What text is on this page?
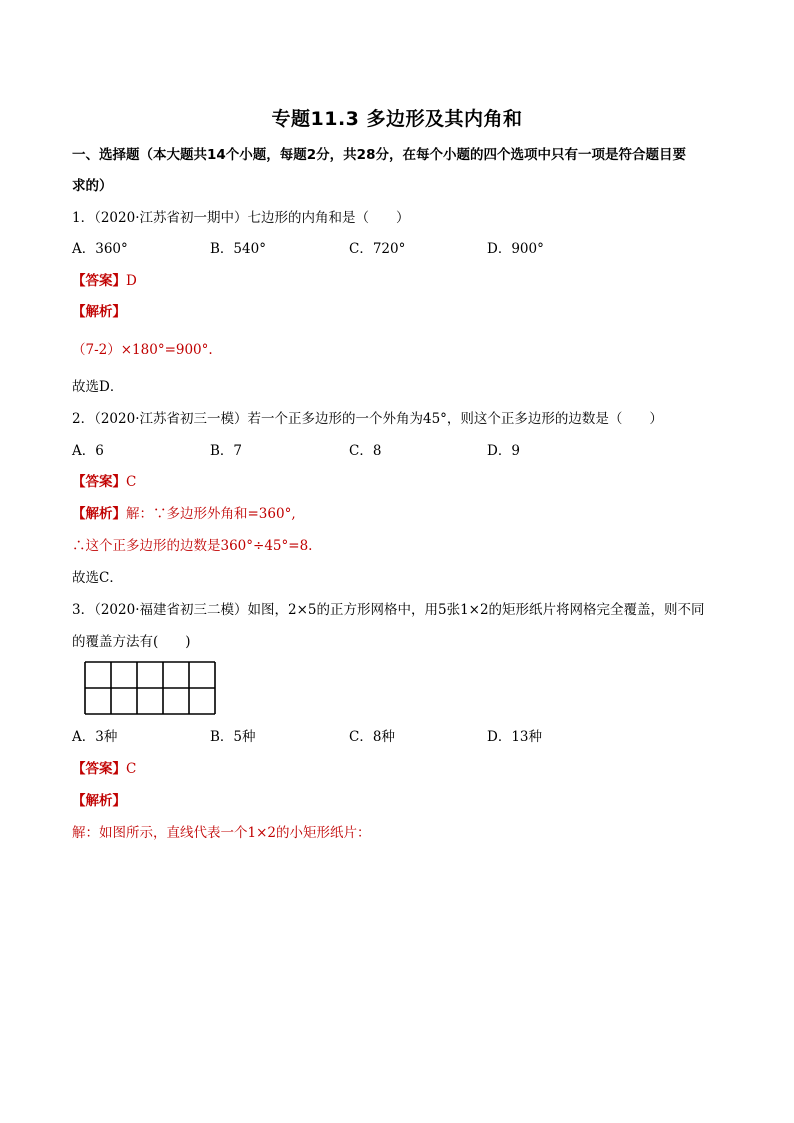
专题11.3 多边形及其内角和
一、选择题（本大题共14个小题，每题2分，共28分，在每个小题的四个选项中只有一项是符合题目要
求的）
1．（2020·江苏省初一期中）七边形的内角和是（　　）
A．360°	B．540°	C．720°	D．900°
【答案】D
【解析】
（7-2）×180°=900°.
故选D．
2．（2020·江苏省初三一模）若一个正多边形的一个外角为45°，则这个正多边形的边数是（　　）
A．6	B．7	C．8	D．9
【答案】C
【解析】解：∵多边形外角和=360°,
∴这个正多边形的边数是360°÷45°=8.
故选C．
3．（2020·福建省初三二模）如图，2×5的正方形网格中，用5张1×2的矩形纸片将网格完全覆盖，则不同
的覆盖方法有(　　)
A．3种	B．5种	C．8种	D．13种
【答案】C
【解析】
解：如图所示，直线代表一个1×2的小矩形纸片：
